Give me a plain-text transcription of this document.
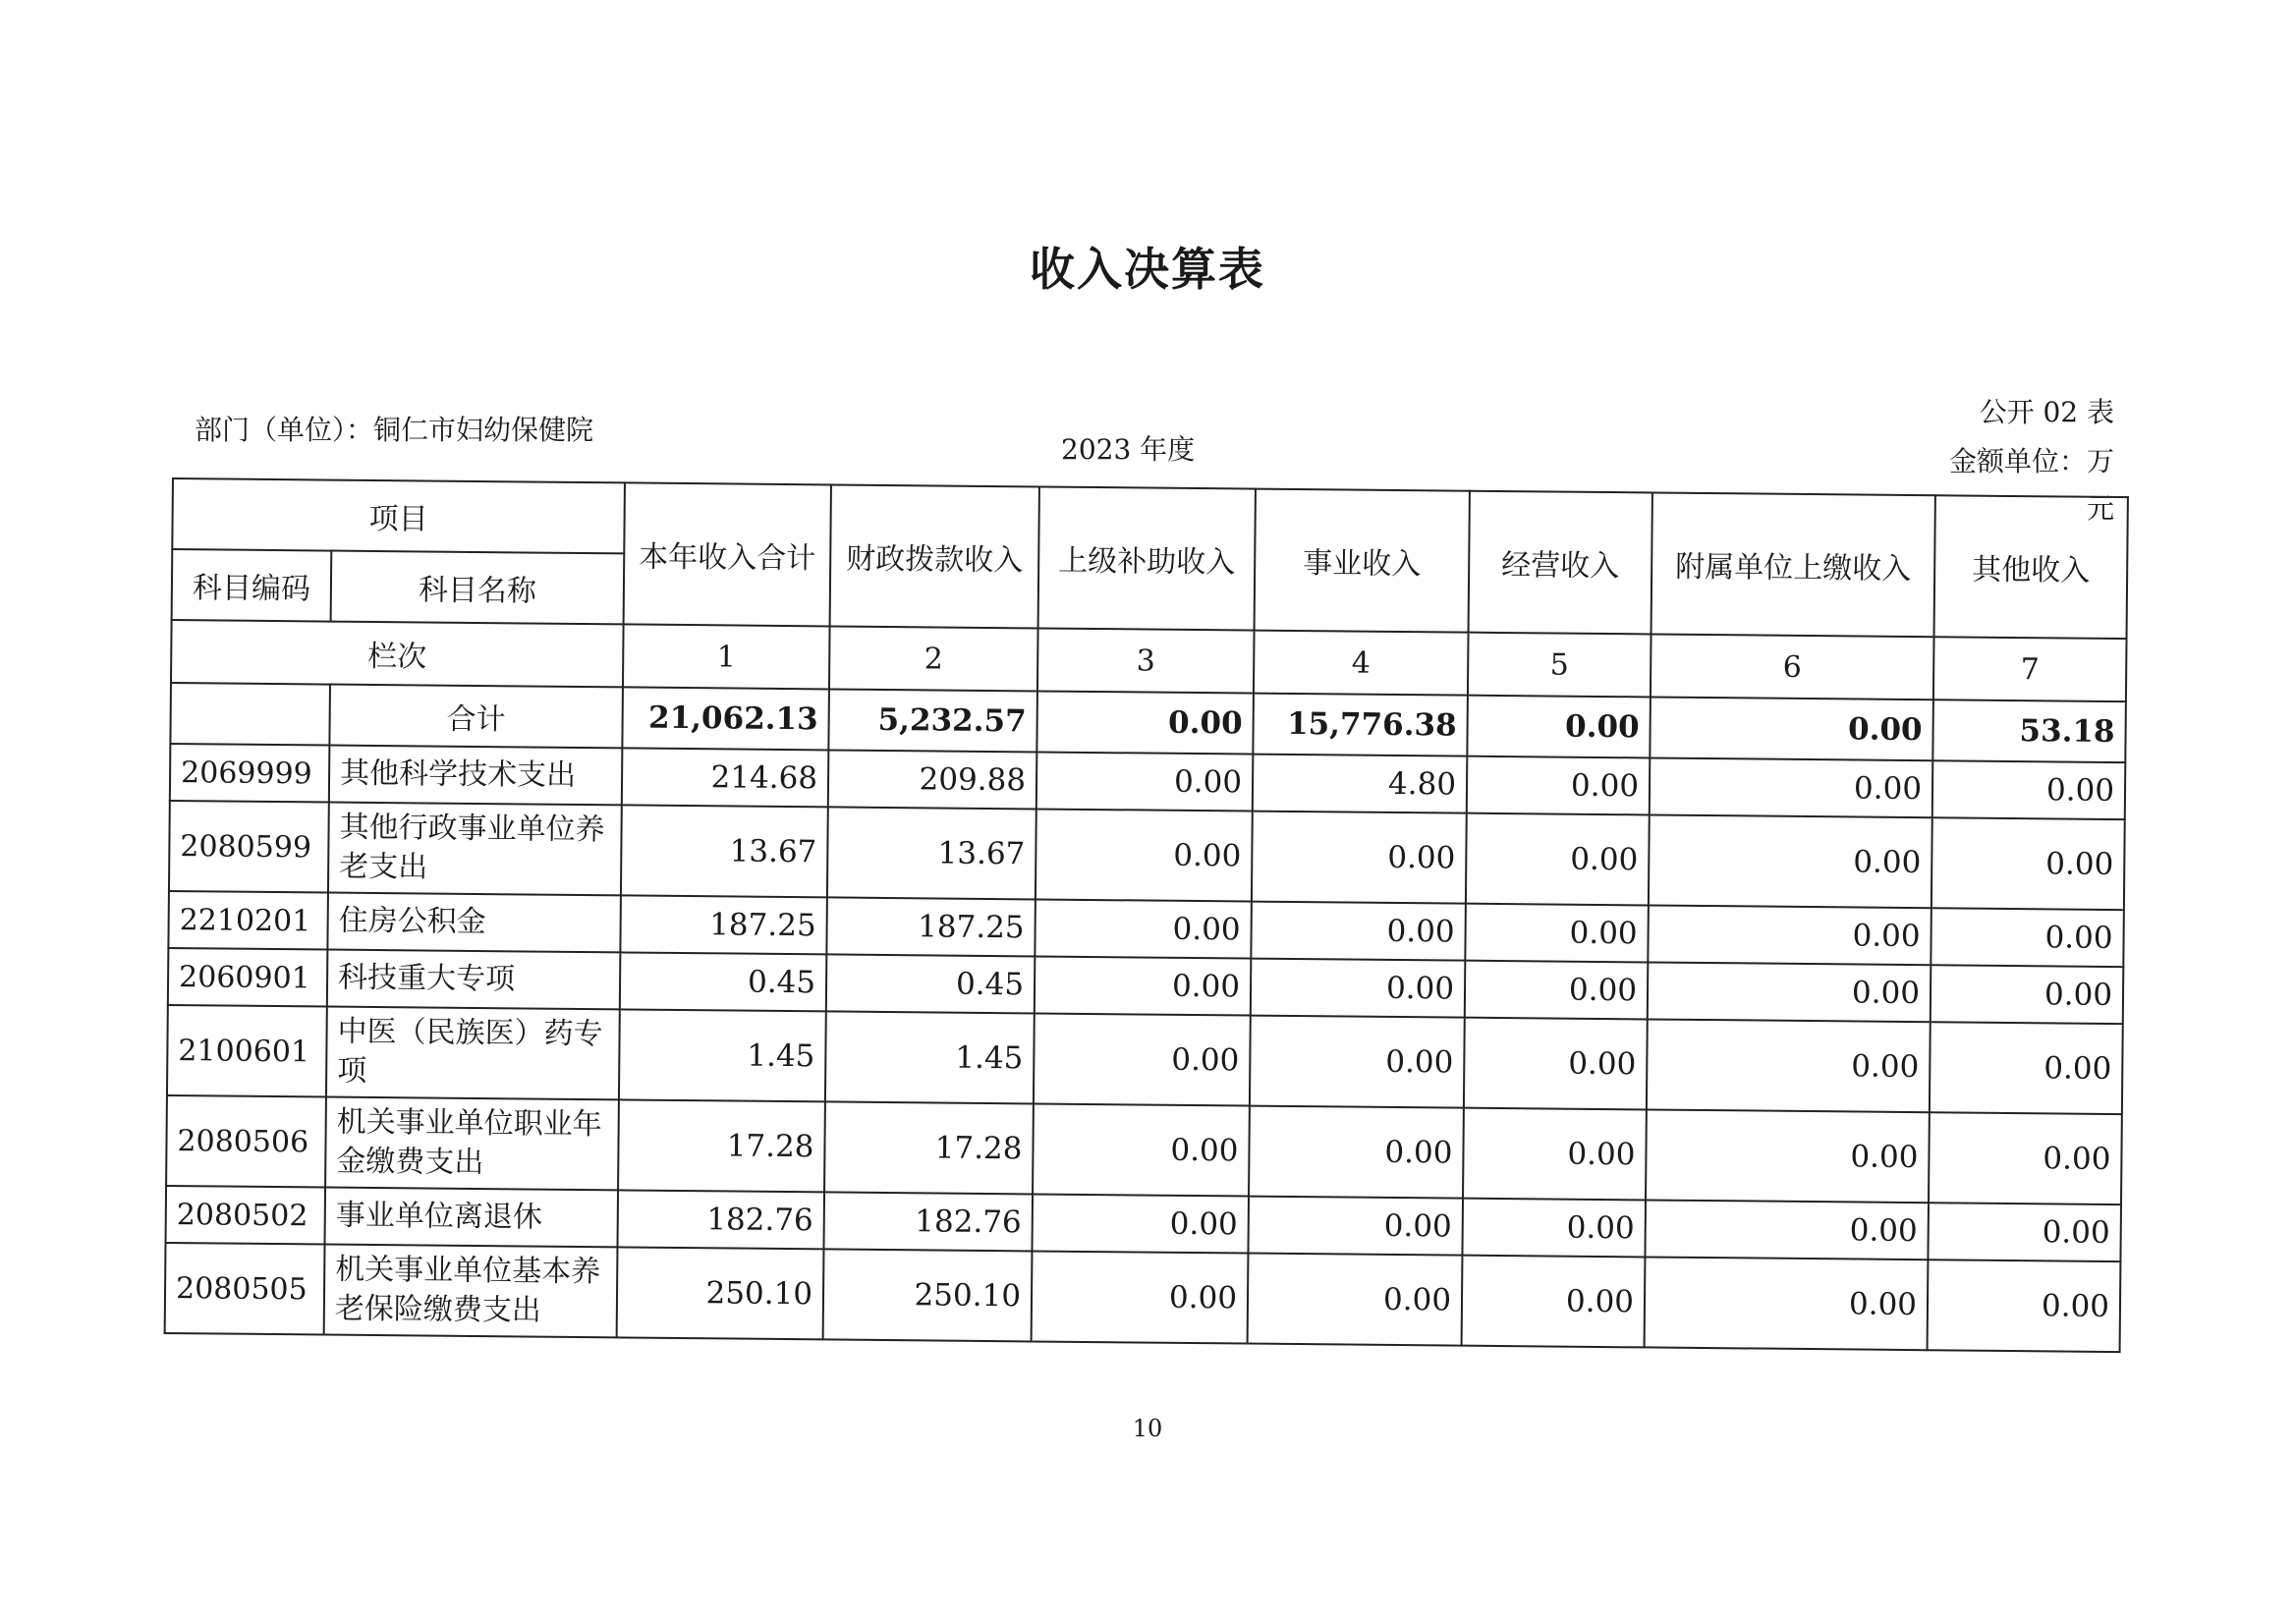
收入决算表
部门（单位）：铜仁市妇幼保健院
2023 年度
公开 02 表
金额单位：万
元
项目		本年收入合计	财政拨款收入	上级补助收入	事业收入	经营收入	附属单位上缴收入	其他收入
科目编码	科目名称							
栏次		1	2	3	4	5	6	7
	合计	21,062.13	5,232.57	0.00	15,776.38	0.00	0.00	53.18
2069999	其他科学技术支出	214.68	209.88	0.00	4.80	0.00	0.00	0.00
2080599	其他行政事业单位养老支出	13.67	13.67	0.00	0.00	0.00	0.00	0.00
2210201	住房公积金	187.25	187.25	0.00	0.00	0.00	0.00	0.00
2060901	科技重大专项	0.45	0.45	0.00	0.00	0.00	0.00	0.00
2100601	中医（民族医）药专项	1.45	1.45	0.00	0.00	0.00	0.00	0.00
2080506	机关事业单位职业年金缴费支出	17.28	17.28	0.00	0.00	0.00	0.00	0.00
2080502	事业单位离退休	182.76	182.76	0.00	0.00	0.00	0.00	0.00
2080505	机关事业单位基本养老保险缴费支出	250.10	250.10	0.00	0.00	0.00	0.00	0.00
10
